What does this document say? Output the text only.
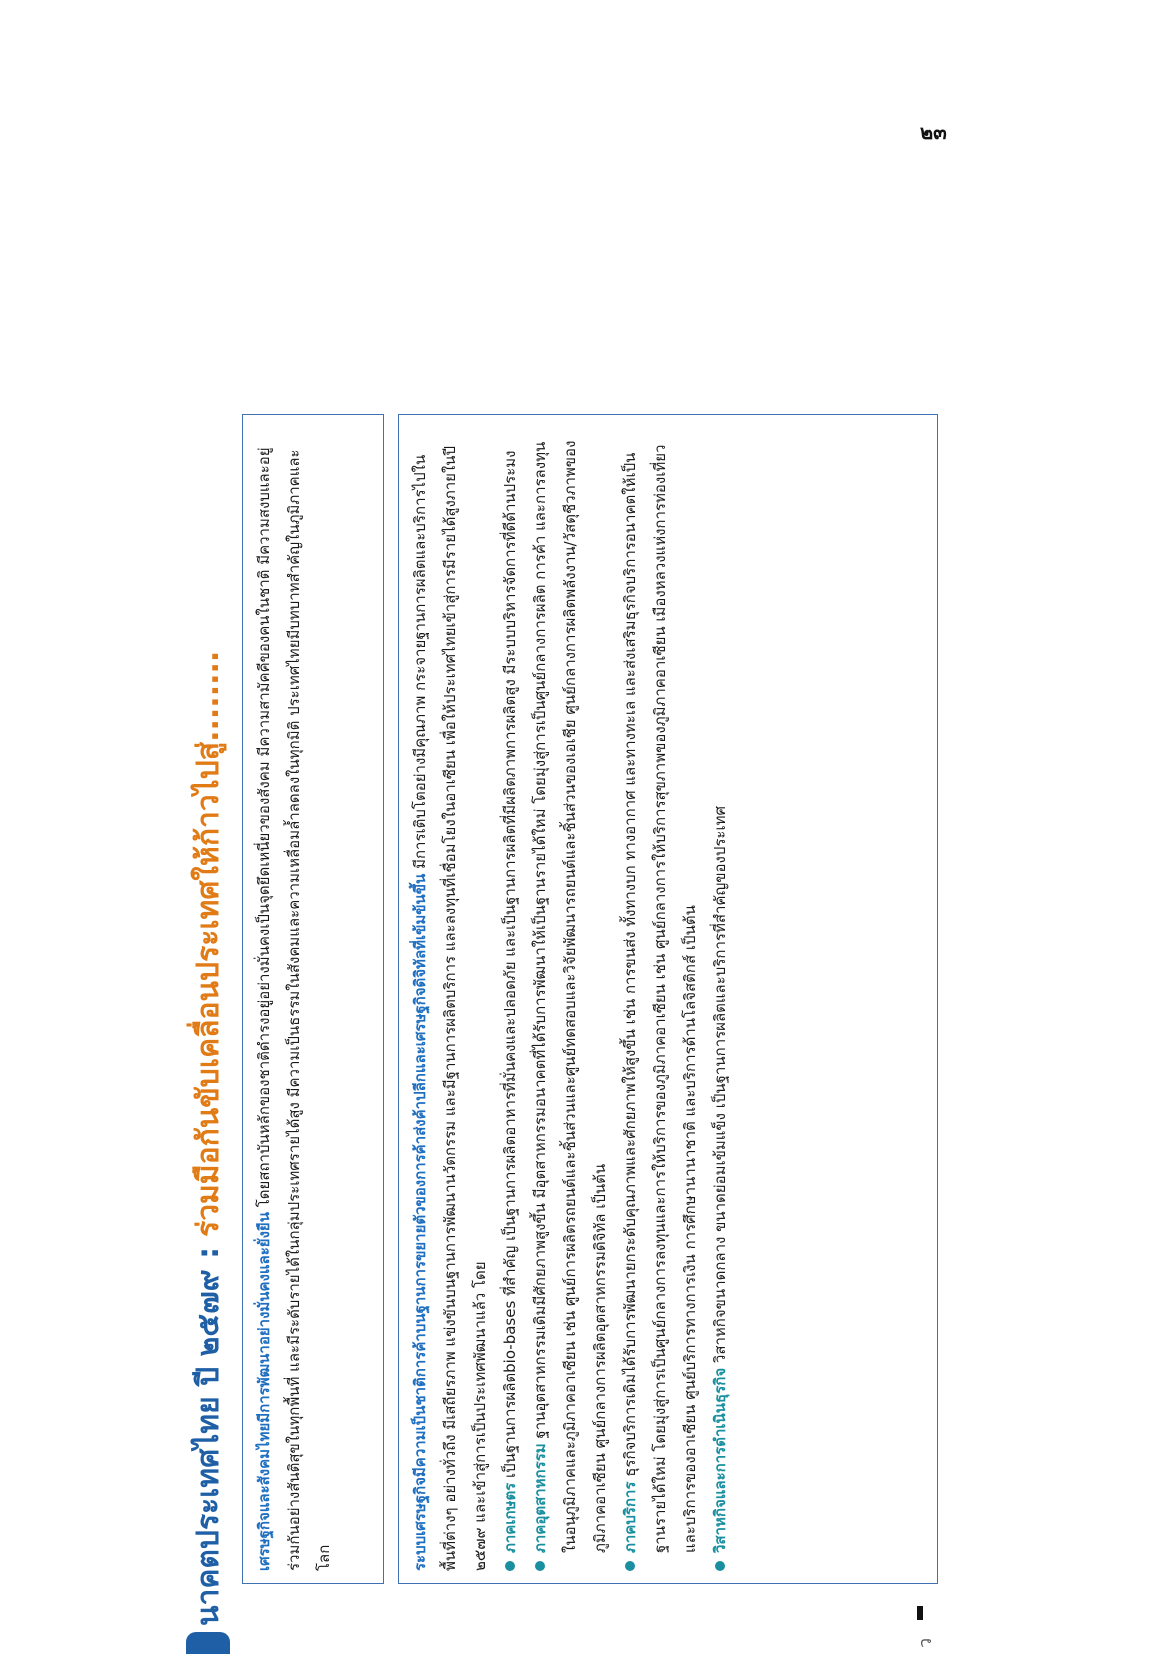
๒๓
นาคตประเทศไทย ปี ๒๕๗๙ :
ร่วมมือกันขับเคลื่อนประเทศให้ก้าวไปสู่........

เศรษฐกิจและสังคมไทยมีการพัฒนาอย่างมั่นคงและยั่งยืน โดยสถาบันหลักของชาติดำรงอยู่อย่างมั่นคงเป็นจุดยึดเหนี่ยวของสังคม มีความสามัคคีของคนในชาติ มีความสงบและอยู่ร่วมกันอย่างสันติสุขในทุกพื้นที่ และมีระดับรายได้ในกลุ่มประเทศรายได้สูง มีความเป็นธรรมในสังคมและความเหลื่อมล้ำลดลงในทุกมิติ ประเทศไทยมีบทบาทสำคัญในภูมิภาคและโลก	ระบบเศรษฐกิจมีความเป็นชาติการค้าบนฐานการขยายตัวของการค้าส่งค้าปลีกและเศรษฐกิจดิจิทัลที่เข้มข้นขึ้น มีการเติบโตอย่างมีคุณภาพ กระจายฐานการผลิตและบริการไปในพื้นที่ต่างๆ อย่างทั่วถึง มีเสถียรภาพ แข่งขันบนฐานการพัฒนานวัตกรรม และมีฐานการผลิตบริการ และลงทุนที่เชื่อมโยงในอาเซียน เพื่อให้ประเทศไทยเข้าสู่การมีรายได้สูงภายในปี ๒๕๗๙ และเข้าสู่การเป็นประเทศพัฒนาแล้ว โดย ภาคเกษตร เป็นฐานการผลิตbio-bases ที่สำคัญ เป็นฐานการผลิตอาหารที่มั่นคงและปลอดภัย และเป็นฐานการผลิตที่มีผลิตภาพการผลิตสูง มีระบบบริหารจัดการที่ดีด้านประมง
ภาคอุตสาหกรรม ฐานอุตสาหกรรมเดิมมีศักยภาพสูงขึ้น มีอุตสาหกรรมอนาคตที่ได้รับการพัฒนาให้เป็นฐานรายได้ใหม่ โดยมุ่งสู่การเป็นศูนย์กลางการผลิต การค้า และการลงทุนในอนุภูมิภาคและภูมิภาคอาเซียน เช่น ศูนย์การผลิตรถยนต์และชิ้นส่วนและศูนย์ทดสอบและวิจัยพัฒนารถยนต์และชิ้นส่วนของเอเชีย ศูนย์กลางการผลิตพลังงาน/วัสดุชีวภาพของภูมิภาคอาเซียน ศูนย์กลางการผลิตอุตสาหกรรมดิจิทัล เป็นต้น ภาคบริการ ธุรกิจบริการเดิมได้รับการพัฒนายกระดับคุณภาพและศักยภาพให้สูงขึ้น เช่น การขนส่ง ทั้งทางบก ทางอากาศ และทางทะเล และส่งเสริมธุรกิจบริการอนาคตให้เป็นฐานรายได้ใหม่ โดยมุ่งสู่การเป็นศูนย์กลางการลงทุนและการให้บริการของภูมิภาคอาเซียน เช่น ศูนย์กลางการให้บริการสุขภาพของภูมิภาคอาเซียน เมืองหลวงแห่งการท่องเที่ยวและบริการของอาเซียน ศูนย์บริการทางการเงิน การศึกษานานาชาติ และบริการด้านโลจิสติกส์ เป็นต้น วิสาหกิจและการดำเนินธุรกิจ วิสาหกิจขนาดกลาง ขนาดย่อมเข้มแข็ง เป็นฐานการผลิตและบริการที่สำคัญของประเทศ
ว
